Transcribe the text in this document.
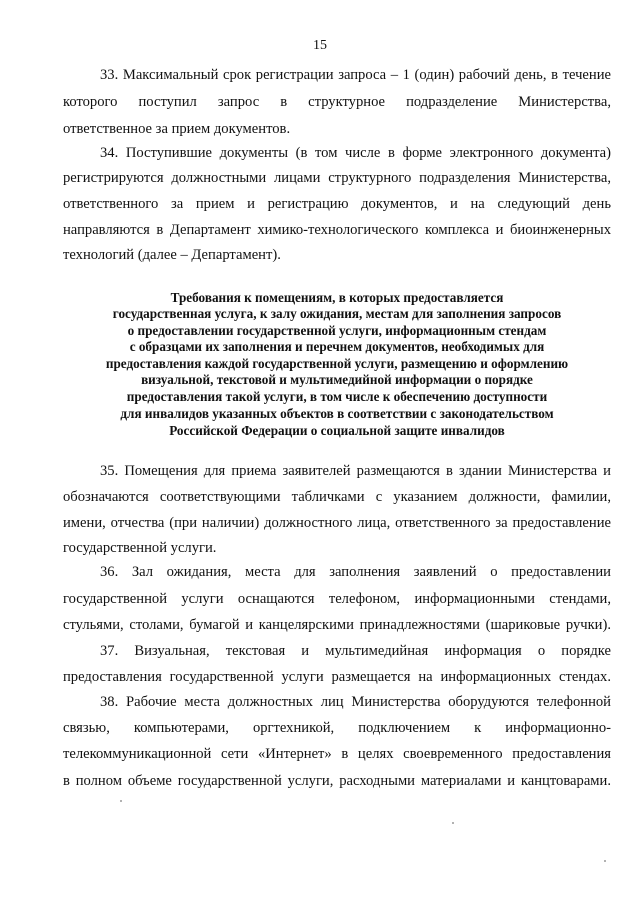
15
33. Максимальный срок регистрации запроса – 1 (один) рабочий день, в течение
которого поступил запрос в структурное подразделение Министерства,
ответственное за прием документов.
34. Поступившие документы (в том числе в форме электронного документа)
регистрируются должностными лицами структурного подразделения Министерства,
ответственного за прием и регистрацию документов, и на следующий день
направляются в Департамент химико-технологического комплекса и биоинженерных
технологий (далее – Департамент).
Требования к помещениям, в которых предоставляется
государственная услуга, к залу ожидания, местам для заполнения запросов
о предоставлении государственной услуги, информационным стендам
с образцами их заполнения и перечнем документов, необходимых для
предоставления каждой государственной услуги, размещению и оформлению
визуальной, текстовой и мультимедийной информации о порядке
предоставления такой услуги, в том числе к обеспечению доступности
для инвалидов указанных объектов в соответствии с законодательством
Российской Федерации о социальной защите инвалидов
35. Помещения для приема заявителей размещаются в здании Министерства и
обозначаются соответствующими табличками с указанием должности, фамилии,
имени, отчества (при наличии) должностного лица, ответственного за предоставление
государственной услуги.
36. Зал ожидания, места для заполнения заявлений о предоставлении
государственной услуги оснащаются телефоном, информационными стендами,
стульями, столами, бумагой и канцелярскими принадлежностями (шариковые ручки).
37. Визуальная, текстовая и мультимедийная информация о порядке
предоставления государственной услуги размещается на информационных стендах.
38. Рабочие места должностных лиц Министерства оборудуются телефонной
связью, компьютерами, оргтехникой, подключением к информационно-
телекоммуникационной сети «Интернет» в целях своевременного предоставления
в полном объеме государственной услуги, расходными материалами и канцтоварами.
